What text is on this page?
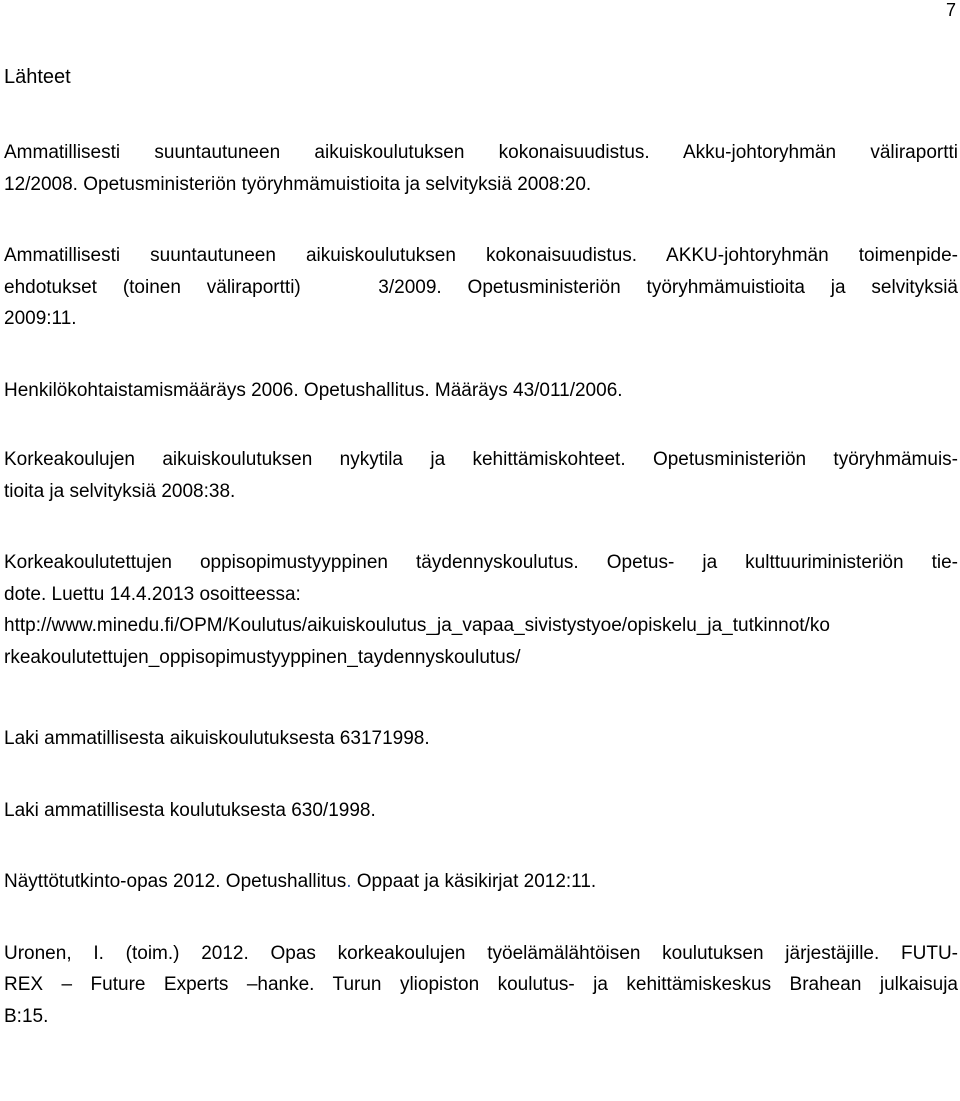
7
Lähteet
Ammatillisesti suuntautuneen aikuiskoulutuksen kokonaisuudistus. Akku-johtoryhmän väliraportti
12/2008. Opetusministeriön työryhmämuistioita ja selvityksiä 2008:20.
Ammatillisesti suuntautuneen aikuiskoulutuksen kokonaisuudistus. AKKU-johtoryhmän toimenpide-
ehdotukset (toinen väliraportti)   3/2009. Opetusministeriön työryhmämuistioita ja selvityksiä
2009:11.
Henkilökohtaistamismääräys 2006. Opetushallitus. Määräys 43/011/2006.
Korkeakoulujen aikuiskoulutuksen nykytila ja kehittämiskohteet. Opetusministeriön työryhmämuis-
tioita ja selvityksiä 2008:38.
Korkeakoulutettujen oppisopimustyyppinen täydennyskoulutus. Opetus- ja kulttuuriministeriön tie-
dote. Luettu 14.4.2013 osoitteessa:
http://www.minedu.fi/OPM/Koulutus/aikuiskoulutus_ja_vapaa_sivistystyoe/opiskelu_ja_tutkinnot/ko
rkeakoulutettujen_oppisopimustyyppinen_taydennyskoulutus/
Laki ammatillisesta aikuiskoulutuksesta 63171998.
Laki ammatillisesta koulutuksesta 630/1998.
Näyttötutkinto-opas 2012. Opetushallitus. Oppaat ja käsikirjat 2012:11.
Uronen, I. (toim.) 2012. Opas korkeakoulujen työelämälähtöisen koulutuksen järjestäjille. FUTU-
REX – Future Experts –hanke. Turun yliopiston koulutus- ja kehittämiskeskus Brahean julkaisuja
B:15.
